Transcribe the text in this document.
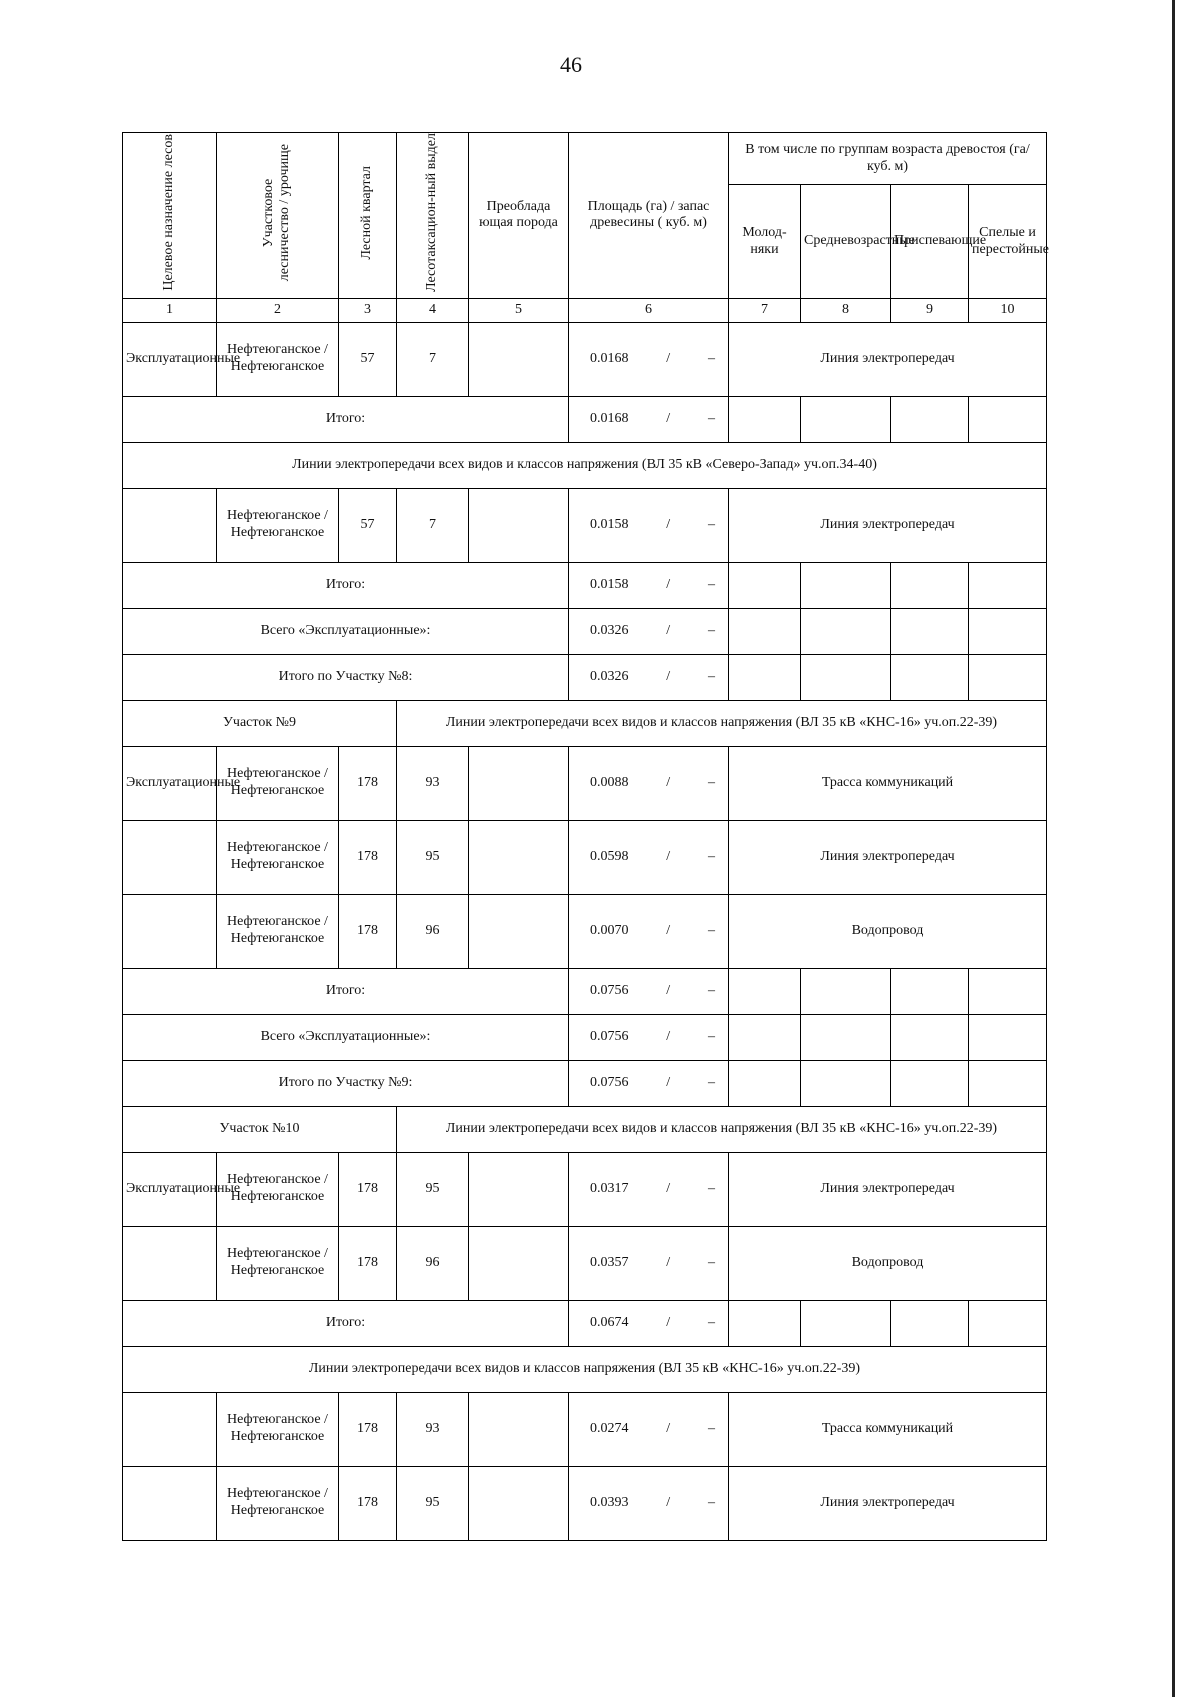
46
Целевое назначение лесов	Участковое
лесничество / урочище	Лесной квартал	Лесотаксацион-ный выдел	Преоблада ющая порода	Площадь (га) / запас древесины ( куб. м)	В том числе по группам возраста древостоя (га/ куб. м)			
						Молод-няки	Средневозрастные	Приспевающие	Спелые и перестойные
1	2	3	4	5	6	7	8	9	10
Эксплуатационные	Нефтеюганское / Нефтеюганское	57	7		0.0168 / –	Линия электропередач			
Итого:					0.0168 / –				

Линии электропередачи всех видов и классов напряжения (ВЛ 35 кВ «Северо-Запад» уч.оп.34-40)									
	Нефтеюганское / Нефтеюганское	57	7		0.0158 / –	Линия электропередач			
Итого:					0.0158 / –				

Всего «Эксплуатационные»:					0.0326 / –				

Итого по Участку №8:					0.0326 / –				

Участок №9			Линии электропередачи всех видов и классов напряжения (ВЛ 35 кВ «КНС-16» уч.оп.22-39)						
Эксплуатационные	Нефтеюганское / Нефтеюганское	178	93		0.0088 / –	Трасса коммуникаций			
	Нефтеюганское / Нефтеюганское	178	95		0.0598 / –	Линия электропередач			
	Нефтеюганское / Нефтеюганское	178	96		0.0070 / –	Водопровод			
Итого:					0.0756 / –				

Всего «Эксплуатационные»:					0.0756 / –				

Итого по Участку №9:					0.0756 / –				

Участок №10			Линии электропередачи всех видов и классов напряжения (ВЛ 35 кВ «КНС-16» уч.оп.22-39)						
Эксплуатационные	Нефтеюганское / Нефтеюганское	178	95		0.0317 / –	Линия электропередач			
	Нефтеюганское / Нефтеюганское	178	96		0.0357 / –	Водопровод			
Итого:					0.0674 / –				

Линии электропередачи всех видов и классов напряжения (ВЛ 35 кВ «КНС-16» уч.оп.22-39)									
	Нефтеюганское / Нефтеюганское	178	93		0.0274 / –	Трасса коммуникаций			
	Нефтеюганское / Нефтеюганское	178	95		0.0393 / –	Линия электропередач			
